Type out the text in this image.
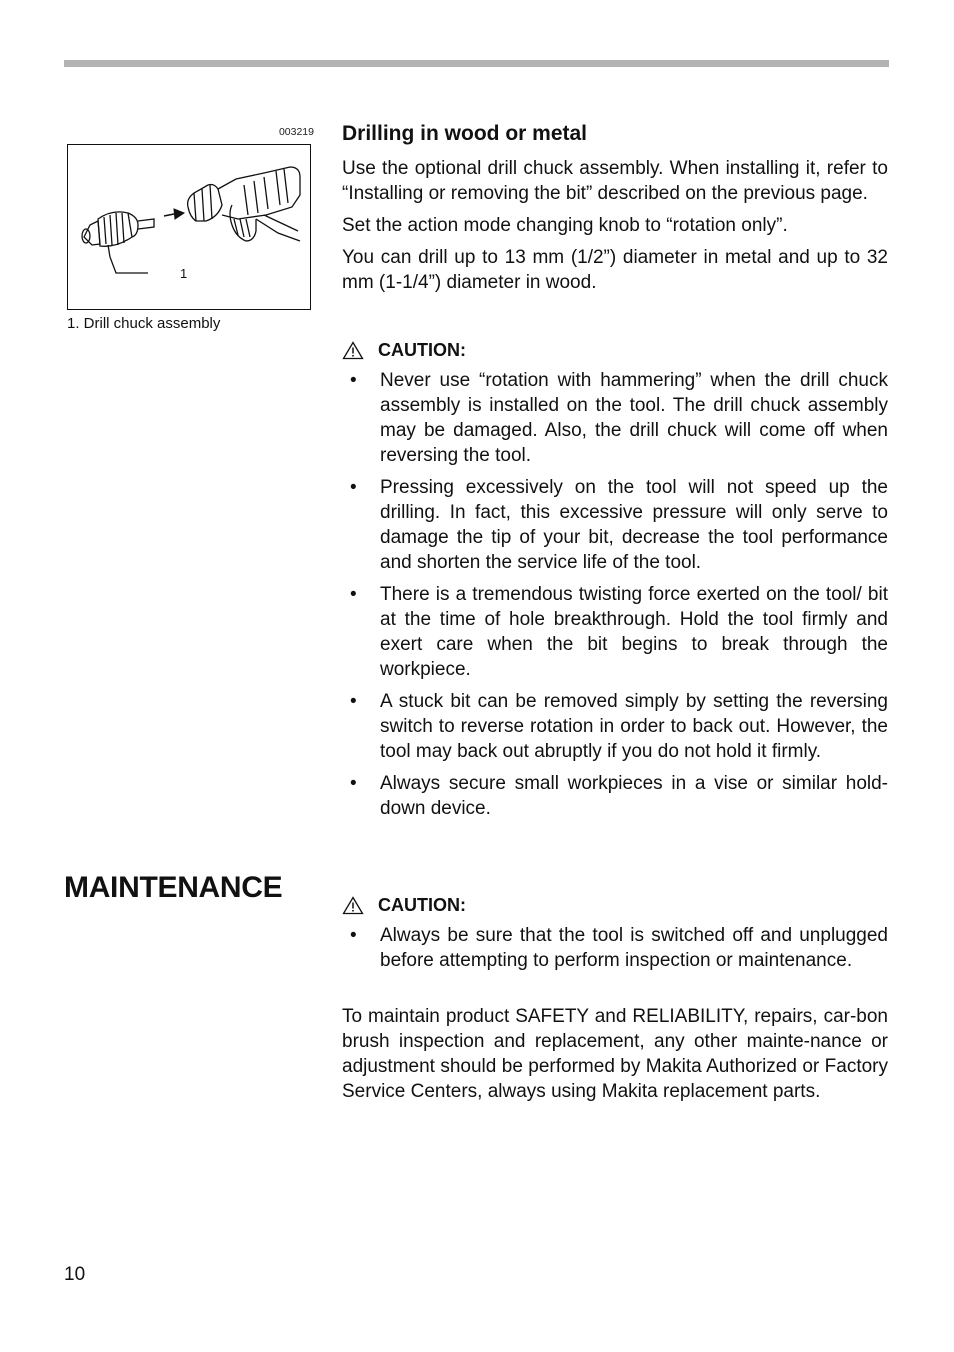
003219
1
1. Drill chuck assembly
Drilling in wood or metal

Use the optional drill chuck assembly. When installing it, refer to “Installing or removing the bit” described on the previous page.

Set the action mode changing knob to “rotation only”.

You can drill up to 13 mm (1/2”) diameter in metal and up to 32 mm (1-1/4”) diameter in wood.

CAUTION:
• Never use “rotation with hammering” when the drill chuck assembly is installed on the tool. The drill chuck assembly may be damaged. Also, the drill chuck will come off when reversing the tool.
• Pressing excessively on the tool will not speed up the drilling. In fact, this excessive pressure will only serve to damage the tip of your bit, decrease the tool performance and shorten the service life of the tool.
• There is a tremendous twisting force exerted on the tool/ bit at the time of hole breakthrough. Hold the tool firmly and exert care when the bit begins to break through the workpiece.
• A stuck bit can be removed simply by setting the reversing switch to reverse rotation in order to back out. However, the tool may back out abruptly if you do not hold it firmly.
• Always secure small workpieces in a vise or similar hold-down device.
MAINTENANCE
CAUTION:
• Always be sure that the tool is switched off and unplugged before attempting to perform inspection or maintenance.

To maintain product SAFETY and RELIABILITY, repairs, car-bon brush inspection and replacement, any other mainte-nance or adjustment should be performed by Makita Authorized or Factory Service Centers, always using Makita replacement parts.

10
